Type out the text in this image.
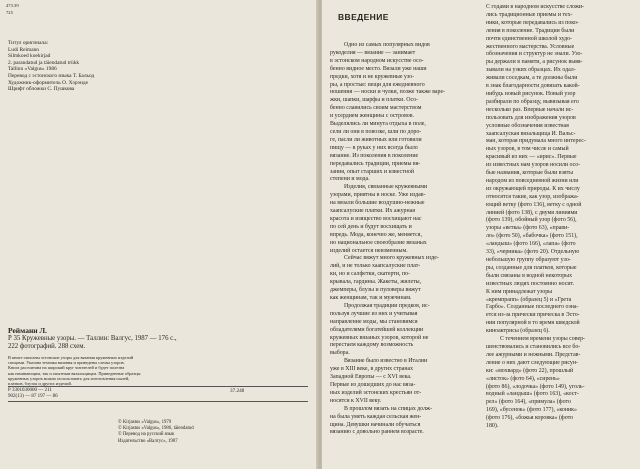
473.39
725
Титул оригинала:
Ludi Reimann
Silmkoed koekirjad
2. parandatud ja täiendatud trükk
Tallinn «Valgus» 1986
Перевод с эстонского языка Т. Бальод
Художник-оформитель О. Хэрэнде
Шрифт обложки С. Пушкова
Рейманн Л.
Р 35 Кружевные узоры. — Таллин: Валгус, 1987 — 176 с.,
222 фотографий. 288 схем.
В книге описаны эстонские узоры для вязания кружевных изделий
спицами. Указана техника вязания и приведены схемы узоров.
Книга рассчитана на широкий круг читателей и будет полезна
как начинающим, так и опытным вязальщицам. Приведенные образцы
кружевных узоров можно использовать для изготовления шалей,
платков, блузок и других изделий.
Р 3301030000 — 211
902(13) — 87 197 — 86
37.248
© Kirjastus «Valgus», 1979
© Kirjastus «Valgus», 1986, täiendatud
© Перевод на русский язык
Издательство «Валгус», 1987
Одно из самых популярных видов
рукоделия — вязание — занимает
в эстонском народном искусстве осо-
бенно видное место. Вязали уже наши
предки, хотя и не кружевные узо-
ры, а простые: вещи для ежедневного
ношения — носки и чулки, позже также варе-
жки, шапки, шарфы и платки. Осо-
бенно славились своим мастерством
и усердием женщины с островов.
Выделялись ли минута отдыха в поле,
сели ли они в повозке, шли по доро-
ге, пасли ли животных или готовили
пищу — в руках у них всегда было
вязание. Из поколения в поколение
передавались традиции, приемы вя-
зания, опыт старших и известной
степени и мода.
Изделия, связанные кружевными
узорами, приятны в носке. Уже издав-
на вязали большие воздушно-нежные
хаапсалуские платки. Их ажурная
красота и изящество восхищают нас
по сей день и будут восхищать и
впредь. Мода, конечно же, меняется,
но национальное своеобразие вязаных
изделий остается неизменным.
Сейчас вяжут много кружевных изде-
лий, и не только хаапсалуские плат-
ки, но и салфетки, скатерти, по-
крывала, гардины. Жакеты, жилеты,
джемперы, блузы и пуловеры вяжут
как женщинам, так и мужчинам.
Продолжая традиции предков, ис-
пользуя лучшие из них и учитывая
направление моды, мы становимся
обладателями богатейшей коллекции
кружевных вязаных узоров, которой не
перестаем каждому возможность
выбора.
Вязание было известно в Италии
уже в XIII веке, в других странах
Западной Европы — с XVI века.
Первые из дошедших до нас вяза-
ных изделий эстонских крестьян от-
носятся к XVII веку.
В прошлом вязать на спицах долж-
на была уметь каждая сельская жен-
щина. Девушки начинали обучаться
вязанию с довольно раннем возрасте.
С годами в народном искусстве сложи-
лись традиционные приемы и тех-
ники, которые передавались из поко-
ления в поколение. Традиции были
почти единственной школой худо-
жественного мастерства. Условные
обозначения и структур не знали. Узо-
ры держали в памяти, а рисунок вывя-
зывали на узких образцах. Их одал-
живали соседкам, а те должны были
в знак благодарности довязать какой-
нибудь новый рисунок. Новый узор
разбирали по образцу, вывязывая его
несколько раз. Впервые начали ис-
пользовать для изображения узоров
условные обозначения известная
хаапсалуская вязальщица И. Вальс-
ман, которая придумала много интерес-
ных узоров, в том числе и самый
красивый из них — «ирис». Первые
из известных нам узоров носили осо-
бые названия, которые были взяты
народом из повседневной жизни или
из окружающей природы. К их числу
относятся такие, как узор, изобража-
ющий ветку (фото 136), ветку с одной
линией (фото 138), с двумя линиями
(фото 139), обойный узор (фото 56),
узоры «ветка» (фото 63), «прави-
ло» (фото 50), «бабочка» (фото 151),
«ландыш» (фото 166), «лапа» (фото
33), «черника» (фото 20). Отдельную
небольшую группу образуют узо-
ры, созданные для платков, которые
были связаны в водной некоторых
известных людях постоянно носит.
К ним принадлежат узоры
«кремпрапп» (образец 5) и «Грета
Гарбо». Созданные последнего озна-
ется из-за прически прическа в Эсто-
нии популярной в то время шведской
киноактрисы (образец 6).
С течением времени узоры совер-
шенствовались и становились все бо-
лее ажурными и нежными. Представ-
ление о них дают следующие рисун-
ки: «мохвард» (фото 22), прошлый
«листок» (фото 64), «сирень»
(фото 86), «лодочка» (фото 149), уголь-
водный «ландыш» (фото 163), «кост-
рел» (фото 164), «примула» (фото
169), «бусенок» (фото 177), «коник»
(фото 176), «божья коровка» (фото
180).
ВВЕДЕНИЕ
